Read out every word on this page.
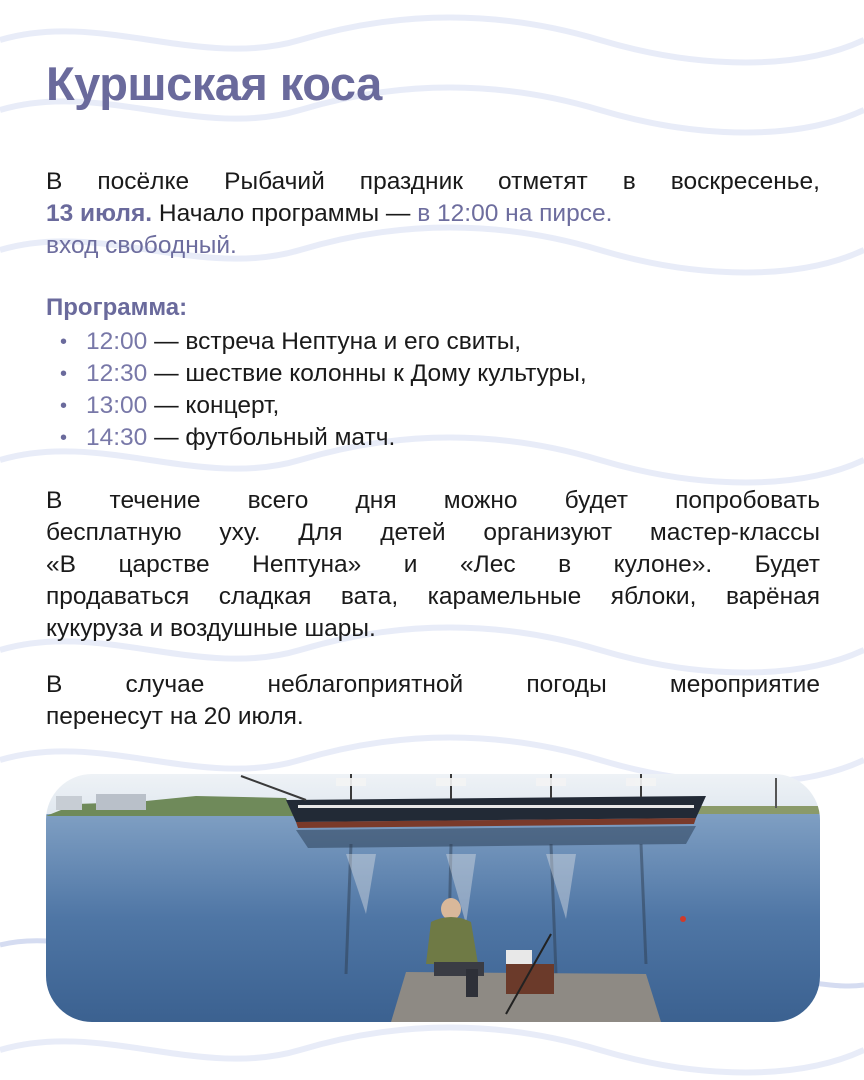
Куршская коса

В посёлке Рыбачий праздник отметят в воскресенье,
13 июля. Начало программы — в 12:00 на пирсе.
вход свободный.

Программа:

• 12:00 — встреча Нептуна и его свиты,
• 12:30 — шествие колонны к Дому культуры,
• 13:00 — концерт,
• 14:30 — футбольный матч.

В течение всего дня можно будет попробовать
бесплатную уху. Для детей организуют мастер-классы
«В царстве Нептуна» и «Лес в кулоне». Будет
продаваться сладкая вата, карамельные яблоки, варёная
кукуруза и воздушные шары.

В случае неблагоприятной погоды мероприятие
перенесут на 20 июля.
